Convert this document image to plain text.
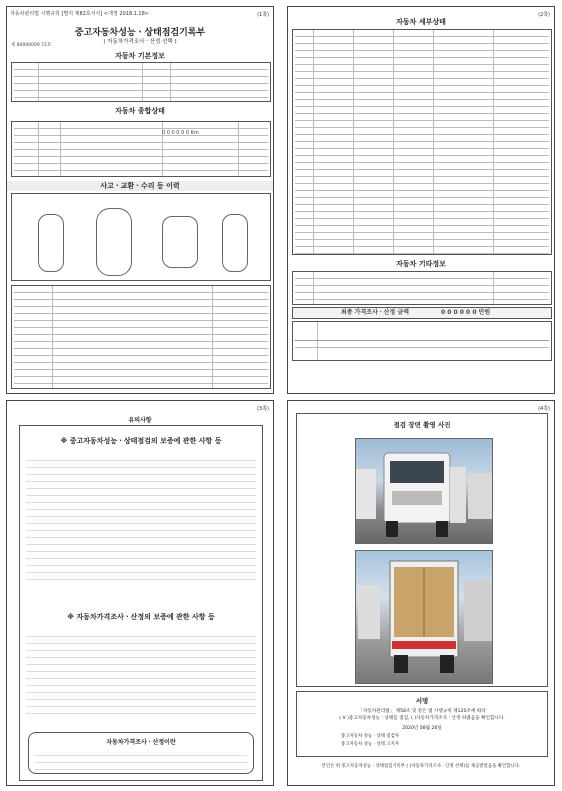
자동차관리법 시행규칙 [별지 제82호서식] <개정 2018.1.18>	(1쪽)
중고자동차성능ㆍ상태점검기록부
( 자동차가격조사ㆍ산정 선택 )
제 84000009 72호
자동차 기본정보
자동차 종합상태
0 0 0 0 0 0 Km
사고ㆍ교환ㆍ수리 등 이력
(2쪽)
자동차 세부상태
자동차 기타정보
최종 가격조사ㆍ산정 금액	0 0 0 0 0 0 만원
(3쪽)
유의사항
※ 중고자동차성능ㆍ상태점검의 보증에 관한 사항 등
※ 자동차가격조사ㆍ산정의 보증에 관한 사항 등
자동차가격조사ㆍ산정이란
(4쪽)
점검 장면 촬영 사진
서명
「자동차관리법」 제58조 및 같은 법 시행규칙 제120조에 따라
( V )중고자동차성능ㆍ상태를 점검, ( )자동차가격조사ㆍ산정 하였음을 확인합니다.
2020년 08월 26일
중고자동차 성능ㆍ상태 점검자
중고자동차 성능ㆍ상태 고지자
본인은 위 중고자동차성능ㆍ상태점검기록부 ( )자동차가격조사ㆍ산정 선택)를 제공받았음을 확인합니다.
